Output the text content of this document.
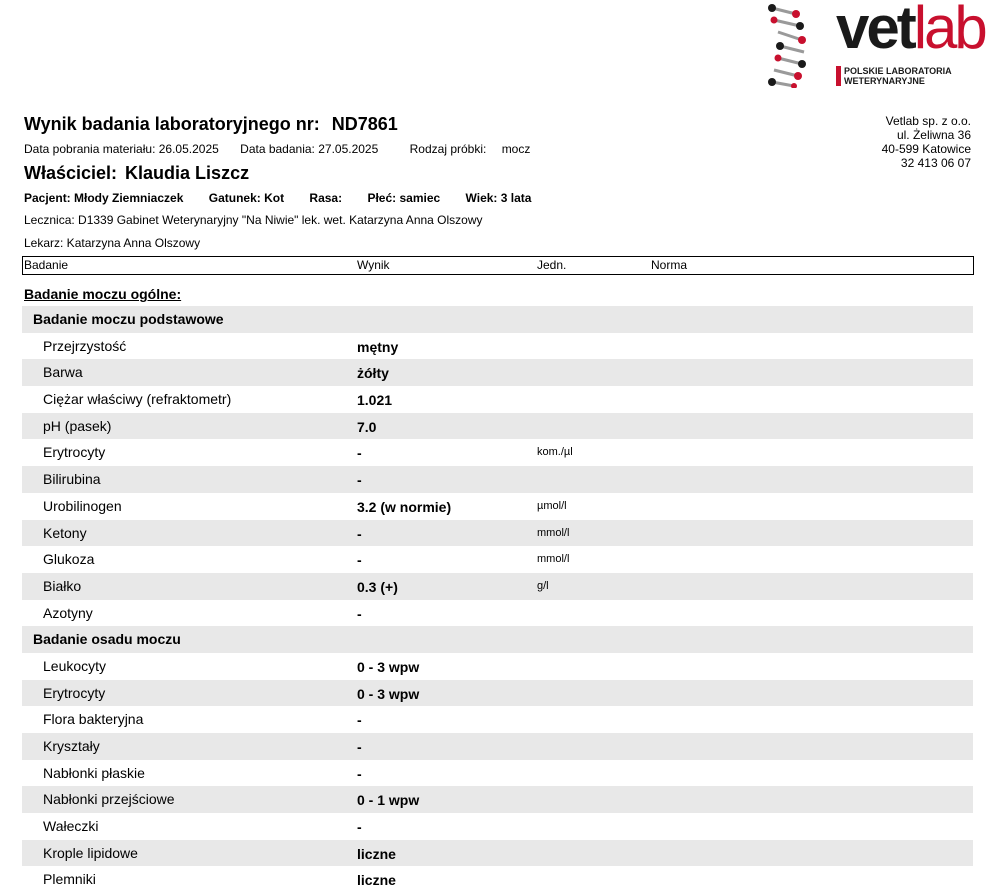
vetlab
POLSKIE LABORATORIA
WETERYNARYJNE
Vetlab sp. z o.o.
ul. Żeliwna 36
40-599 Katowice
32 413 06 07
Wynik badania laboratoryjnego nr: ND7861
Data pobrania materiału: 26.05.2025 Data badania: 27.05.2025	Rodzaj próbki: mocz
Właściciel: Klaudia Liszcz
Pacjent: Młody Ziemniaczek Gatunek: Kot Rasa: Płeć: samiec Wiek: 3 lata
Lecznica: D1339 Gabinet Weterynaryjny "Na Niwie" lek. wet. Katarzyna Anna Olszowy
Lekarz: Katarzyna Anna Olszowy
Badanie	Wynik	Jedn.	Norma
Badanie moczu ogólne:
Badanie moczu podstawowe
Przejrzystość	mętny
Barwa	żółty
Ciężar właściwy (refraktometr)	1.021
pH (pasek)	7.0
Erytrocyty	-	kom./µl
Bilirubina	-
Urobilinogen	3.2 (w normie)	µmol/l
Ketony	-	mmol/l
Glukoza	-	mmol/l
Białko	0.3 (+)	g/l
Azotyny	-
Badanie osadu moczu
Leukocyty	0 - 3 wpw
Erytrocyty	0 - 3 wpw
Flora bakteryjna	-
Kryształy	-
Nabłonki płaskie	-
Nabłonki przejściowe	0 - 1 wpw
Wałeczki	-
Krople lipidowe	liczne
Plemniki	liczne
